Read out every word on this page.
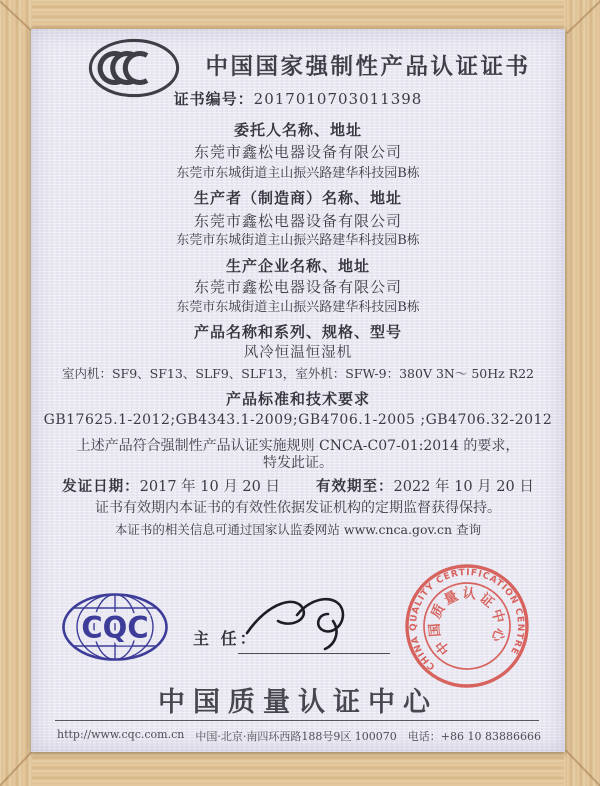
中国国家强制性产品认证证书
证书编号：2017010703011398
委托人名称、地址
东莞市鑫松电器设备有限公司
东莞市东城街道主山振兴路建华科技园B栋
生产者（制造商）名称、地址
东莞市鑫松电器设备有限公司
东莞市东城街道主山振兴路建华科技园B栋
生产企业名称、地址
东莞市鑫松电器设备有限公司
东莞市东城街道主山振兴路建华科技园B栋
产品名称和系列、规格、型号
风冷恒温恒湿机
室内机：SF9、SF13、SLF9、SLF13，室外机：SFW-9：380V 3N～ 50Hz R22
产品标准和技术要求
GB17625.1-2012;GB4343.1-2009;GB4706.1-2005 ;GB4706.32-2012
上述产品符合强制性产品认证实施规则 CNCA-C07-01:2014 的要求，
特发此证。
发证日期：2017 年 10 月 20 日 有效期至：2022 年 10 月 20 日
证书有效期内本证书的有效性依据发证机构的定期监督获得保持。
本证书的相关信息可通过国家认监委网站 www.cnca.gov.cn 查询
CQC	主 任：
CHINA QUALITY CERTIFICATION CENTRE
中国质量认证中心
中国质量认证中心
http://www.cqc.com.cn 中国·北京·南四环西路188号9区 100070 电话：+86 10 83886666
